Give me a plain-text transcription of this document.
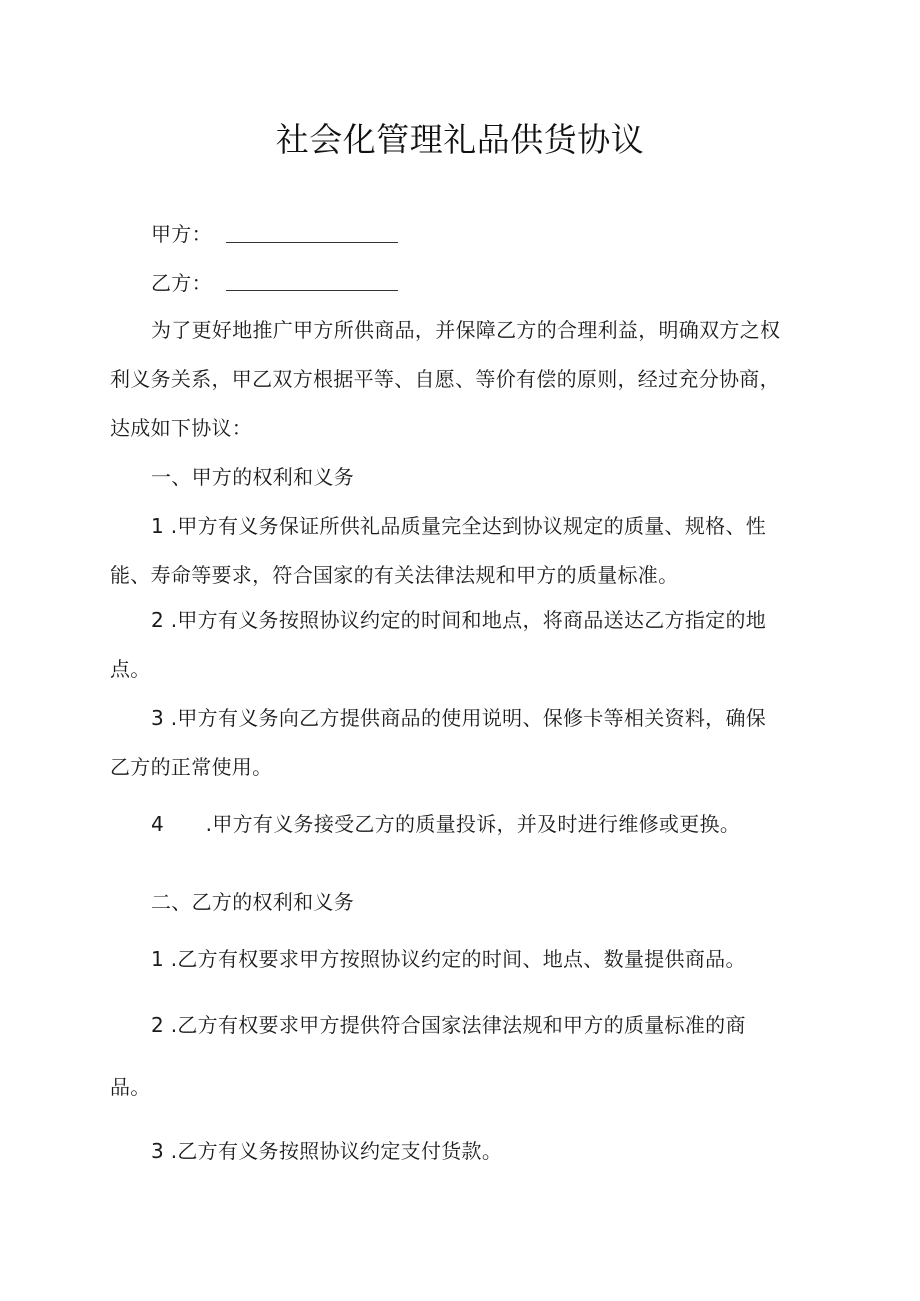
社会化管理礼品供货协议
甲方：
乙方：
为了更好地推广甲方所供商品，并保障乙方的合理利益，明确双方之权
利义务关系，甲乙双方根据平等、自愿、等价有偿的原则，经过充分协商，
达成如下协议：
一、甲方的权利和义务
1 .甲方有义务保证所供礼品质量完全达到协议规定的质量、规格、性
能、寿命等要求，符合国家的有关法律法规和甲方的质量标准。
2 .甲方有义务按照协议约定的时间和地点，将商品送达乙方指定的地
点。
3 .甲方有义务向乙方提供商品的使用说明、保修卡等相关资料，确保
乙方的正常使用。
4 .甲方有义务接受乙方的质量投诉，并及时进行维修或更换。
二、乙方的权利和义务
1 .乙方有权要求甲方按照协议约定的时间、地点、数量提供商品。
2 .乙方有权要求甲方提供符合国家法律法规和甲方的质量标准的商
品。
3 .乙方有义务按照协议约定支付货款。
